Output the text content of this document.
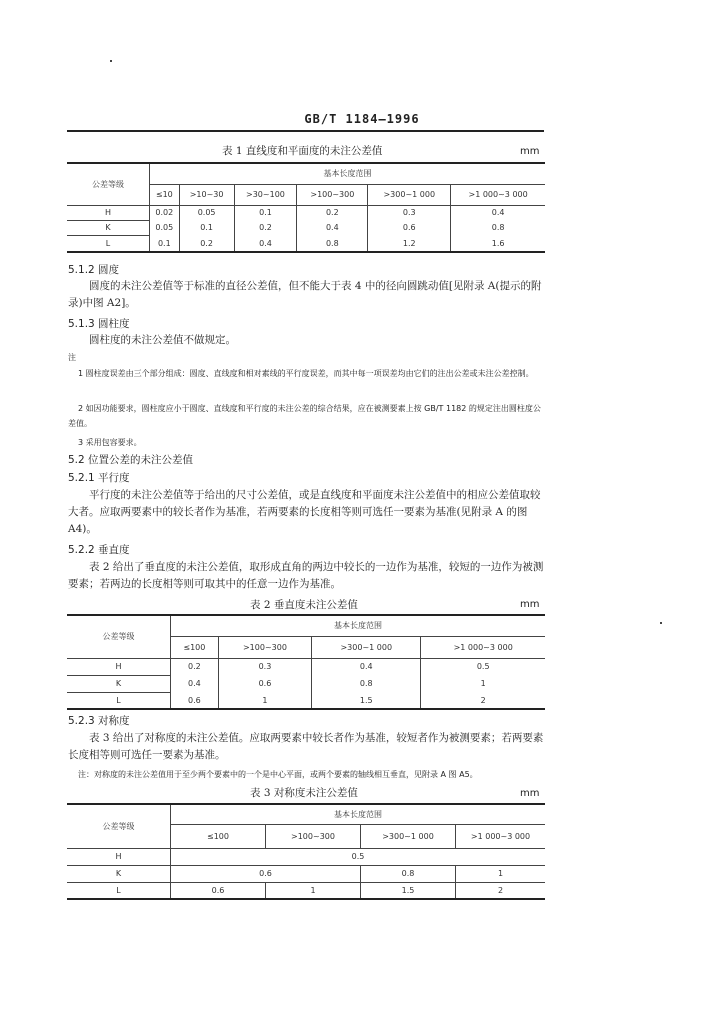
GB/T 1184—1996
表 1 直线度和平面度的未注公差值	mm
公差等级	基本长度范围					
	≤10	>10~30	>30~100	>100~300	>300~1 000	>1 000~3 000
H	0.02	0.05	0.1	0.2	0.3	0.4
K	0.05	0.1	0.2	0.4	0.6	0.8
L	0.1	0.2	0.4	0.8	1.2	1.6
5.1.2 圆度
圆度的未注公差值等于标准的直径公差值，但不能大于表 4 中的径向圆跳动值[见附录 A(提示的附录)中图 A2]。
5.1.3 圆柱度
圆柱度的未注公差值不做规定。
注
1 圆柱度误差由三个部分组成：圆度、直线度和相对素线的平行度误差，而其中每一项误差均由它们的注出公差或未注公差控制。
2 如因功能要求，圆柱度应小于圆度、直线度和平行度的未注公差的综合结果，应在被测要素上按 GB/T 1182 的规定注出圆柱度公差值。
3 采用包容要求。
5.2 位置公差的未注公差值
5.2.1 平行度
平行度的未注公差值等于给出的尺寸公差值，或是直线度和平面度未注公差值中的相应公差值取较大者。应取两要素中的较长者作为基准，若两要素的长度相等则可选任一要素为基准(见附录 A 的图 A4)。
5.2.2 垂直度
表 2 给出了垂直度的未注公差值，取形成直角的两边中较长的一边作为基准，较短的一边作为被测要素；若两边的长度相等则可取其中的任意一边作为基准。
表 2 垂直度未注公差值	mm
公差等级	基本长度范围			
	≤100	>100~300	>300~1 000	>1 000~3 000
H	0.2	0.3	0.4	0.5
K	0.4	0.6	0.8	1
L	0.6	1	1.5	2
5.2.3 对称度
表 3 给出了对称度的未注公差值。应取两要素中较长者作为基准，较短者作为被测要素；若两要素长度相等则可选任一要素为基准。
注：对称度的未注公差值用于至少两个要素中的一个是中心平面，或两个要素的轴线相互垂直，见附录 A 图 A5。
表 3 对称度未注公差值	mm
公差等级	基本长度范围			
	≤100	>100~300	>300~1 000	>1 000~3 000
H	0.5			
K	0.6		0.8	1
L	0.6	1	1.5	2
